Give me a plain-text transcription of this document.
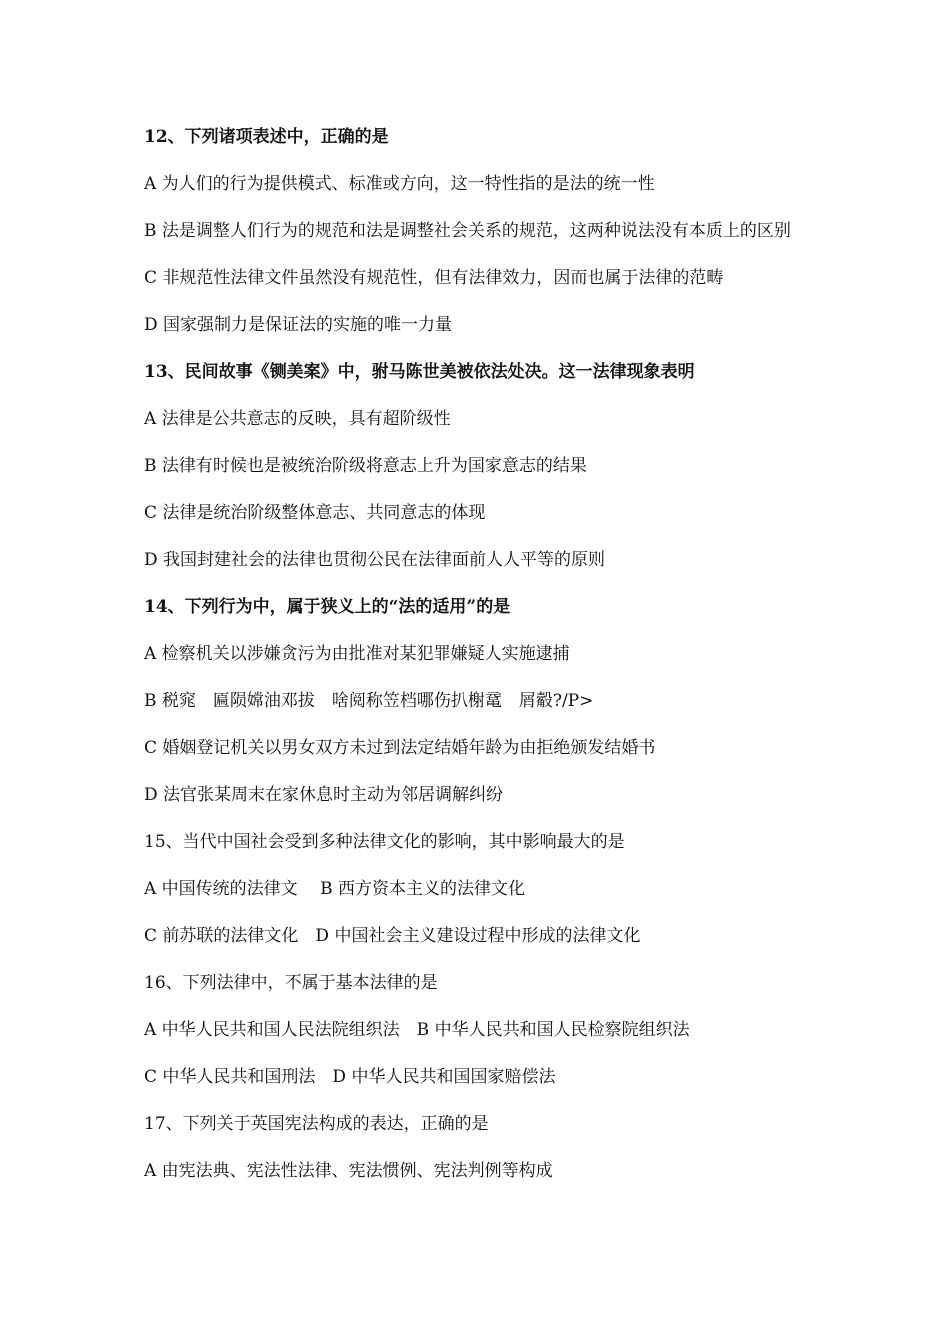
12、下列诸项表述中，正确的是
A 为人们的行为提供模式、标准或方向，这一特性指的是法的统一性
B 法是调整人们行为的规范和法是调整社会关系的规范，这两种说法没有本质上的区别
C 非规范性法律文件虽然没有规范性，但有法律效力，因而也属于法律的范畴
D 国家强制力是保证法的实施的唯一力量
13、民间故事《铡美案》中，驸马陈世美被依法处决。这一法律现象表明
A 法律是公共意志的反映，具有超阶级性
B 法律有时候也是被统治阶级将意志上升为国家意志的结果
C 法律是统治阶级整体意志、共同意志的体现
D 我国封建社会的法律也贯彻公民在法律面前人人平等的原则
14、下列行为中，属于狭义上的“法的适用”的是
A 检察机关以涉嫌贪污为由批准对某犯罪嫌疑人实施逮捕
B 税窕　匾陨嫦油邓拔　啥阅称笠档哪伤扒榭鼋　屑觳?/P>
C 婚姻登记机关以男女双方未过到法定结婚年龄为由拒绝颁发结婚书
D 法官张某周末在家休息时主动为邻居调解纠纷
15、当代中国社会受到多种法律文化的影响，其中影响最大的是
A 中国传统的法律文　 B 西方资本主义的法律文化
C 前苏联的法律文化　D 中国社会主义建设过程中形成的法律文化
16、下列法律中，不属于基本法律的是
A 中华人民共和国人民法院组织法　B 中华人民共和国人民检察院组织法
C 中华人民共和国刑法　D 中华人民共和国国家赔偿法
17、下列关于英国宪法构成的表达，正确的是
A 由宪法典、宪法性法律、宪法惯例、宪法判例等构成
